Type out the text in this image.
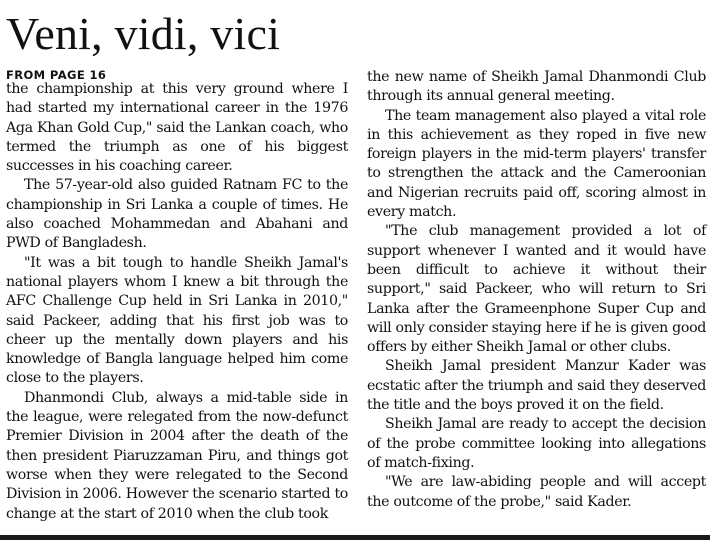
Veni, vidi, vici
FROM PAGE 16

the championship at this very ground where I had started my international career in the 1976 Aga Khan Gold Cup," said the Lankan coach, who termed the triumph as one of his biggest successes in his coaching career.

The 57-year-old also guided Ratnam FC to the championship in Sri Lanka a couple of times. He also coached Mohammedan and Abahani and PWD of Bangladesh.

"It was a bit tough to handle Sheikh Jamal's national players whom I knew a bit through the AFC Challenge Cup held in Sri Lanka in 2010," said Packeer, adding that his first job was to cheer up the mentally down players and his knowledge of Bangla language helped him come close to the players.

Dhanmondi Club, always a mid-table side in the league, were relegated from the now-defunct Premier Division in 2004 after the death of the then president Piaruzzaman Piru, and things got worse when they were relegated to the Second Division in 2006. However the scenario started to change at the start of 2010 when the club took

the new name of Sheikh Jamal Dhanmondi Club through its annual general meeting.

The team management also played a vital role in this achievement as they roped in five new foreign players in the mid-term players' transfer to strengthen the attack and the Cameroonian and Nigerian recruits paid off, scoring almost in every match.

"The club management provided a lot of support whenever I wanted and it would have been difficult to achieve it without their support," said Packeer, who will return to Sri Lanka after the Grameenphone Super Cup and will only consider staying here if he is given good offers by either Sheikh Jamal or other clubs.

Sheikh Jamal president Manzur Kader was ecstatic after the triumph and said they deserved the title and the boys proved it on the field.

Sheikh Jamal are ready to accept the decision of the probe committee looking into allegations of match-fixing.

"We are law-abiding people and will accept the outcome of the probe," said Kader.
